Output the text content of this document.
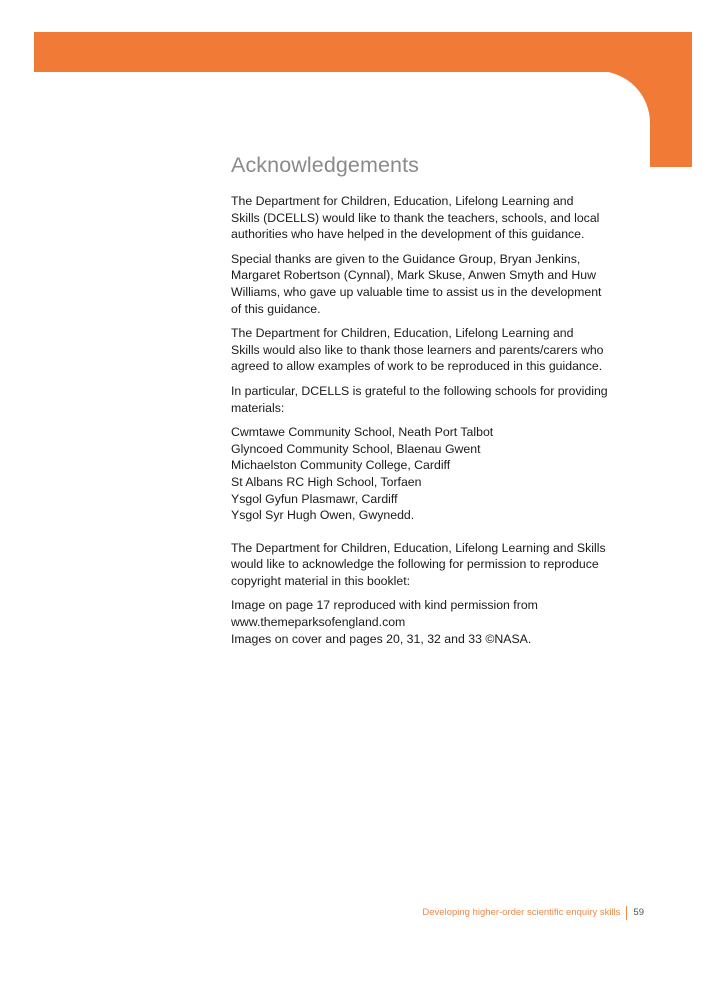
Acknowledgements

The Department for Children, Education, Lifelong Learning and
Skills (DCELLS) would like to thank the teachers, schools, and local
authorities who have helped in the development of this guidance.

Special thanks are given to the Guidance Group, Bryan Jenkins,
Margaret Robertson (Cynnal), Mark Skuse, Anwen Smyth and Huw
Williams, who gave up valuable time to assist us in the development
of this guidance.

The Department for Children, Education, Lifelong Learning and
Skills would also like to thank those learners and parents/carers who
agreed to allow examples of work to be reproduced in this guidance.

In particular, DCELLS is grateful to the following schools for providing
materials:

Cwmtawe Community School, Neath Port Talbot
Glyncoed Community School, Blaenau Gwent
Michaelston Community College, Cardiff
St Albans RC High School, Torfaen
Ysgol Gyfun Plasmawr, Cardiff
Ysgol Syr Hugh Owen, Gwynedd.

The Department for Children, Education, Lifelong Learning and Skills
would like to acknowledge the following for permission to reproduce
copyright material in this booklet:

Image on page 17 reproduced with kind permission from
www.themeparksofengland.com
Images on cover and pages 20, 31, 32 and 33 ©NASA.

Developing higher-order scientific enquiry skills 59
